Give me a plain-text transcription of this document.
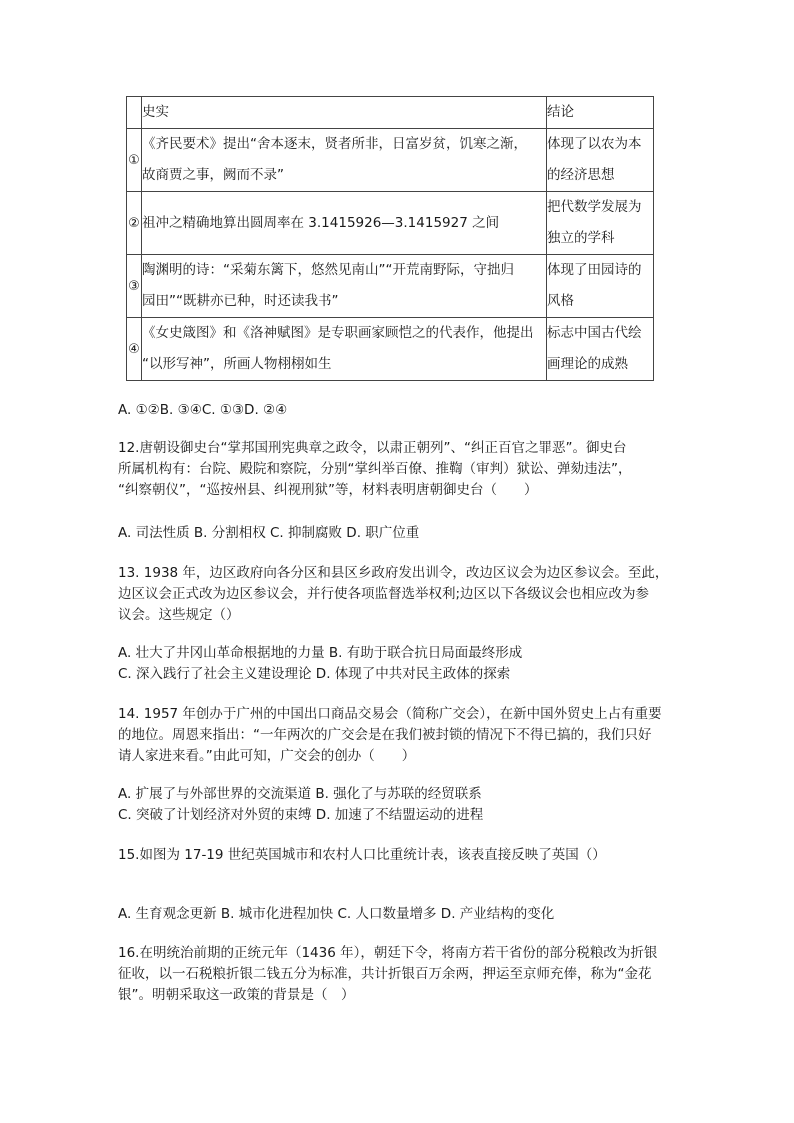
	史实	结论
①	《齐民要术》提出“舍本逐末，贤者所非，日富岁贫，饥寒之渐，
故商贾之事，阙而不录”	体现了以农为本
的经济思想

②	祖冲之精确地算出圆周率在 3.1415926—3.1415927 之间	把代数学发展为
独立的学科

③	陶渊明的诗：“采菊东篱下，悠然见南山”“开荒南野际，守拙归
园田”“既耕亦已种，时还读我书”	体现了田园诗的
风格

④	《女史箴图》和《洛神赋图》是专职画家顾恺之的代表作，他提出
“以形写神”，所画人物栩栩如生	标志中国古代绘
画理论的成熟
A. ①②B. ③④C. ①③D. ②④
12.唐朝设御史台“掌邦国刑宪典章之政令，以肃正朝列”、“纠正百官之罪恶”。御史台
所属机构有：台院、殿院和察院，分别“掌纠举百僚、推鞫（审判）狱讼、弹劾违法”，
“纠察朝仪”，“巡按州县、纠视刑狱”等，材料表明唐朝御史台（　　）
A. 司法性质 B. 分割相权 C. 抑制腐败 D. 职广位重
13. 1938 年，边区政府向各分区和县区乡政府发出训令，改边区议会为边区参议会。至此，
边区议会正式改为边区参议会，并行使各项监督选举权利;边区以下各级议会也相应改为参
议会。这些规定（）
A. 壮大了井冈山革命根据地的力量 B. 有助于联合抗日局面最终形成
C. 深入践行了社会主义建设理论 D. 体现了中共对民主政体的探索
14. 1957 年创办于广州的中国出口商品交易会（简称广交会），在新中国外贸史上占有重要
的地位。周恩来指出：“一年两次的广交会是在我们被封锁的情况下不得已搞的，我们只好
请人家进来看。”由此可知，广交会的创办（　　）
A. 扩展了与外部世界的交流渠道 B. 强化了与苏联的经贸联系
C. 突破了计划经济对外贸的束缚 D. 加速了不结盟运动的进程
15.如图为 17-19 世纪英国城市和农村人口比重统计表，该表直接反映了英国（）
A. 生育观念更新 B. 城市化进程加快 C. 人口数量增多 D. 产业结构的变化
16.在明统治前期的正统元年（1436 年），朝廷下令，将南方若干省份的部分税粮改为折银
征收，以一石税粮折银二钱五分为标准，共计折银百万余两，押运至京师充俸，称为“金花
银”。明朝采取这一政策的背景是（　）
